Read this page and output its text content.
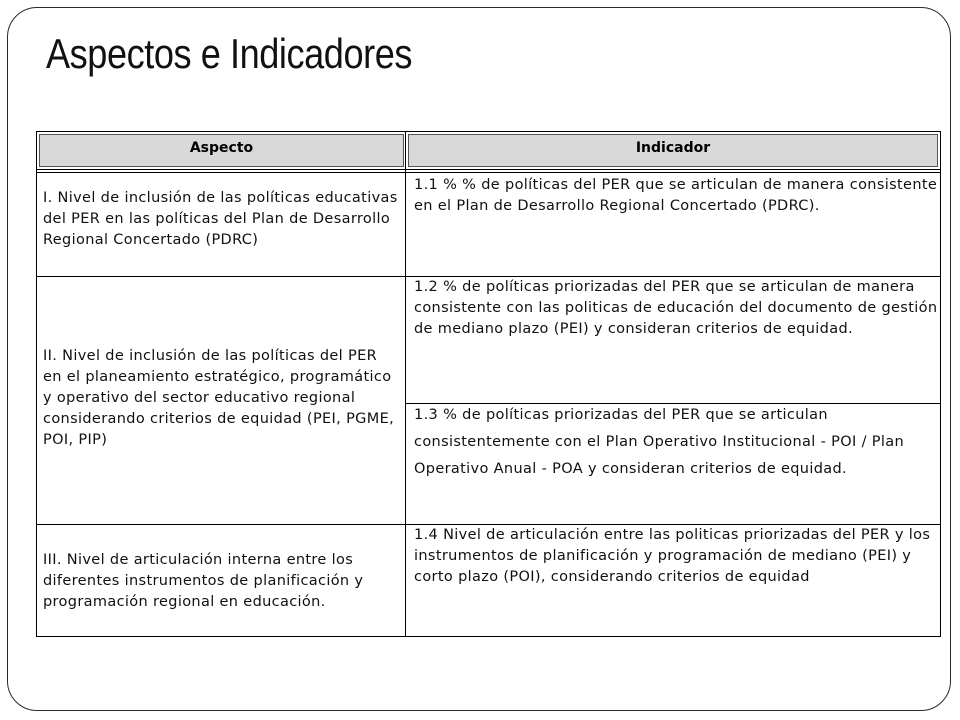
Aspectos e Indicadores
Aspecto	Indicador
I. Nivel de inclusión de las políticas educativas del PER en las políticas del Plan de Desarrollo Regional Concertado (PDRC)
1.1 % % de políticas del PER que se articulan de manera consistente en el Plan de Desarrollo Regional Concertado (PDRC).
II. Nivel de inclusión de las políticas del PER en el planeamiento estratégico, programático y operativo del sector educativo regional considerando criterios de equidad (PEI, PGME, POI, PIP)
1.2 % de políticas priorizadas del PER que se articulan de manera consistente con las politicas de educación del documento de gestión de mediano plazo (PEI) y consideran criterios de equidad.
1.3 % de políticas priorizadas del PER que se articulan consistentemente con el Plan Operativo Institucional - POI / Plan Operativo Anual - POA y consideran criterios de equidad.
III. Nivel de articulación interna entre los diferentes instrumentos de planificación y programación regional en educación.
1.4 Nivel de articulación entre las politicas priorizadas del PER y los instrumentos de planificación y programación de mediano (PEI) y corto plazo (POI), considerando criterios de equidad
